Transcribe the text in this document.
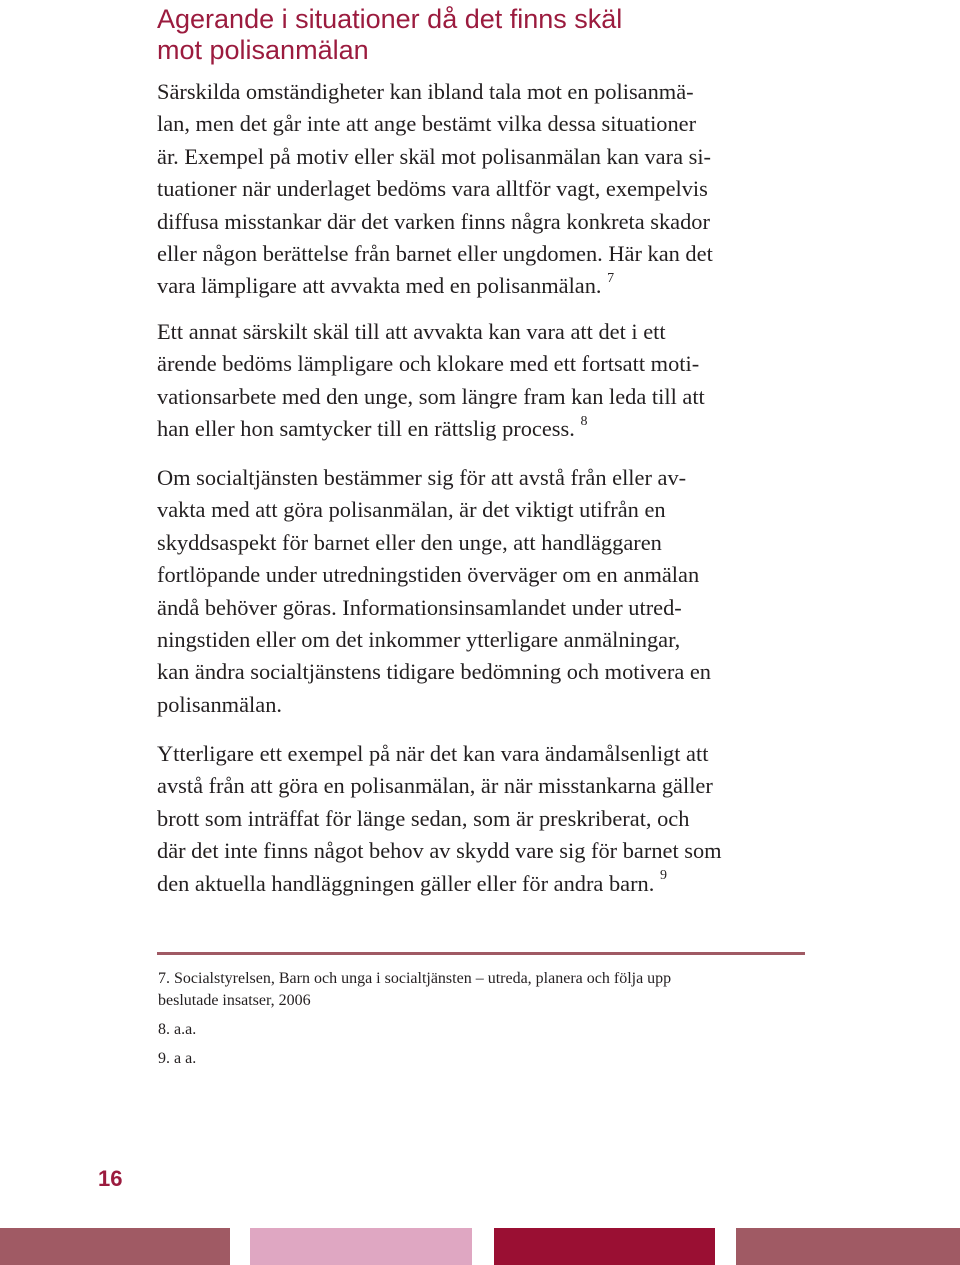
Agerande i situationer då det finns skäl
mot polisanmälan

Särskilda omständigheter kan ibland tala mot en polisanmä-
lan, men det går inte att ange bestämt vilka dessa situationer
är. Exempel på motiv eller skäl mot polisanmälan kan vara si-
tuationer när underlaget bedöms vara alltför vagt, exempelvis
diffusa misstankar där det varken finns några konkreta skador
eller någon berättelse från barnet eller ungdomen. Här kan det
vara lämpligare att avvakta med en polisanmälan. $^7$

Ett annat särskilt skäl till att avvakta kan vara att det i ett
ärende bedöms lämpligare och klokare med ett fortsatt moti-
vationsarbete med den unge, som längre fram kan leda till att
han eller hon samtycker till en rättslig process. $^8$

Om socialtjänsten bestämmer sig för att avstå från eller av-
vakta med att göra polisanmälan, är det viktigt utifrån en
skyddsaspekt för barnet eller den unge, att handläggaren
fortlöpande under utredningstiden överväger om en anmälan
ändå behöver göras. Informationsinsamlandet under utred-
ningstiden eller om det inkommer ytterligare anmälningar,
kan ändra socialtjänstens tidigare bedömning och motivera en
polisanmälan.

Ytterligare ett exempel på när det kan vara ändamålsenligt att
avstå från att göra en polisanmälan, är när misstankarna gäller
brott som inträffat för länge sedan, som är preskriberat, och
där det inte finns något behov av skydd vare sig för barnet som
den aktuella handläggningen gäller eller för andra barn. $^9$

7. Socialstyrelsen, Barn och unga i socialtjänsten – utreda, planera och följa upp
beslutade insatser, 2006

8. a.a.

9. a a.

16
